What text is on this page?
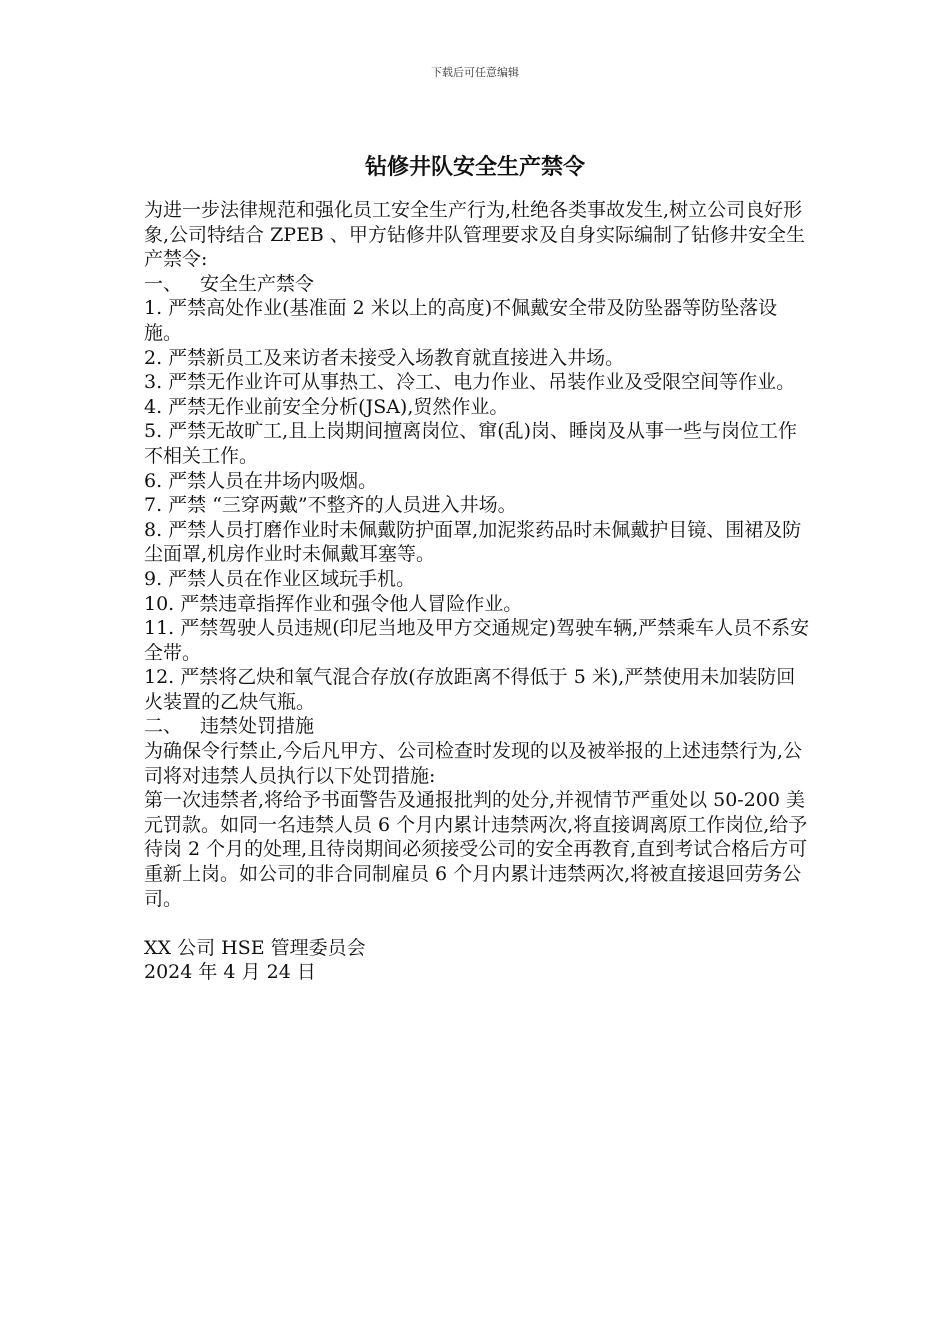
下载后可任意编辑
钻修井队安全生产禁令

为进一步法律规范和强化员工安全生产行为,杜绝各类事故发生,树立公司良好形象,公司特结合 ZPEB 、甲方钻修井队管理要求及自身实际编制了钻修井安全生产禁令:

一、 安全生产禁令

1. 严禁高处作业(基准面 2 米以上的高度)不佩戴安全带及防坠器等防坠落设施。

2. 严禁新员工及来访者未接受入场教育就直接进入井场。

3. 严禁无作业许可从事热工、冷工、电力作业、吊装作业及受限空间等作业。

4. 严禁无作业前安全分析(JSA),贸然作业。

5. 严禁无故旷工,且上岗期间擅离岗位、窜(乱)岗、睡岗及从事一些与岗位工作不相关工作。

6. 严禁人员在井场内吸烟。

7. 严禁 “三穿两戴”不整齐的人员进入井场。

8. 严禁人员打磨作业时未佩戴防护面罩,加泥浆药品时未佩戴护目镜、围裙及防尘面罩,机房作业时未佩戴耳塞等。

9. 严禁人员在作业区域玩手机。

10. 严禁违章指挥作业和强令他人冒险作业。

11. 严禁驾驶人员违规(印尼当地及甲方交通规定)驾驶车辆,严禁乘车人员不系安全带。

12. 严禁将乙炔和氧气混合存放(存放距离不得低于 5 米),严禁使用未加装防回火装置的乙炔气瓶。

二、 违禁处罚措施

为确保令行禁止,今后凡甲方、公司检查时发现的以及被举报的上述违禁行为,公司将对违禁人员执行以下处罚措施:

第一次违禁者,将给予书面警告及通报批判的处分,并视情节严重处以 50-200 美元罚款。如同一名违禁人员 6 个月内累计违禁两次,将直接调离原工作岗位,给予待岗 2 个月的处理,且待岗期间必须接受公司的安全再教育,直到考试合格后方可重新上岗。如公司的非合同制雇员 6 个月内累计违禁两次,将被直接退回劳务公司。

XX 公司 HSE 管理委员会

2024 年 4 月 24 日
